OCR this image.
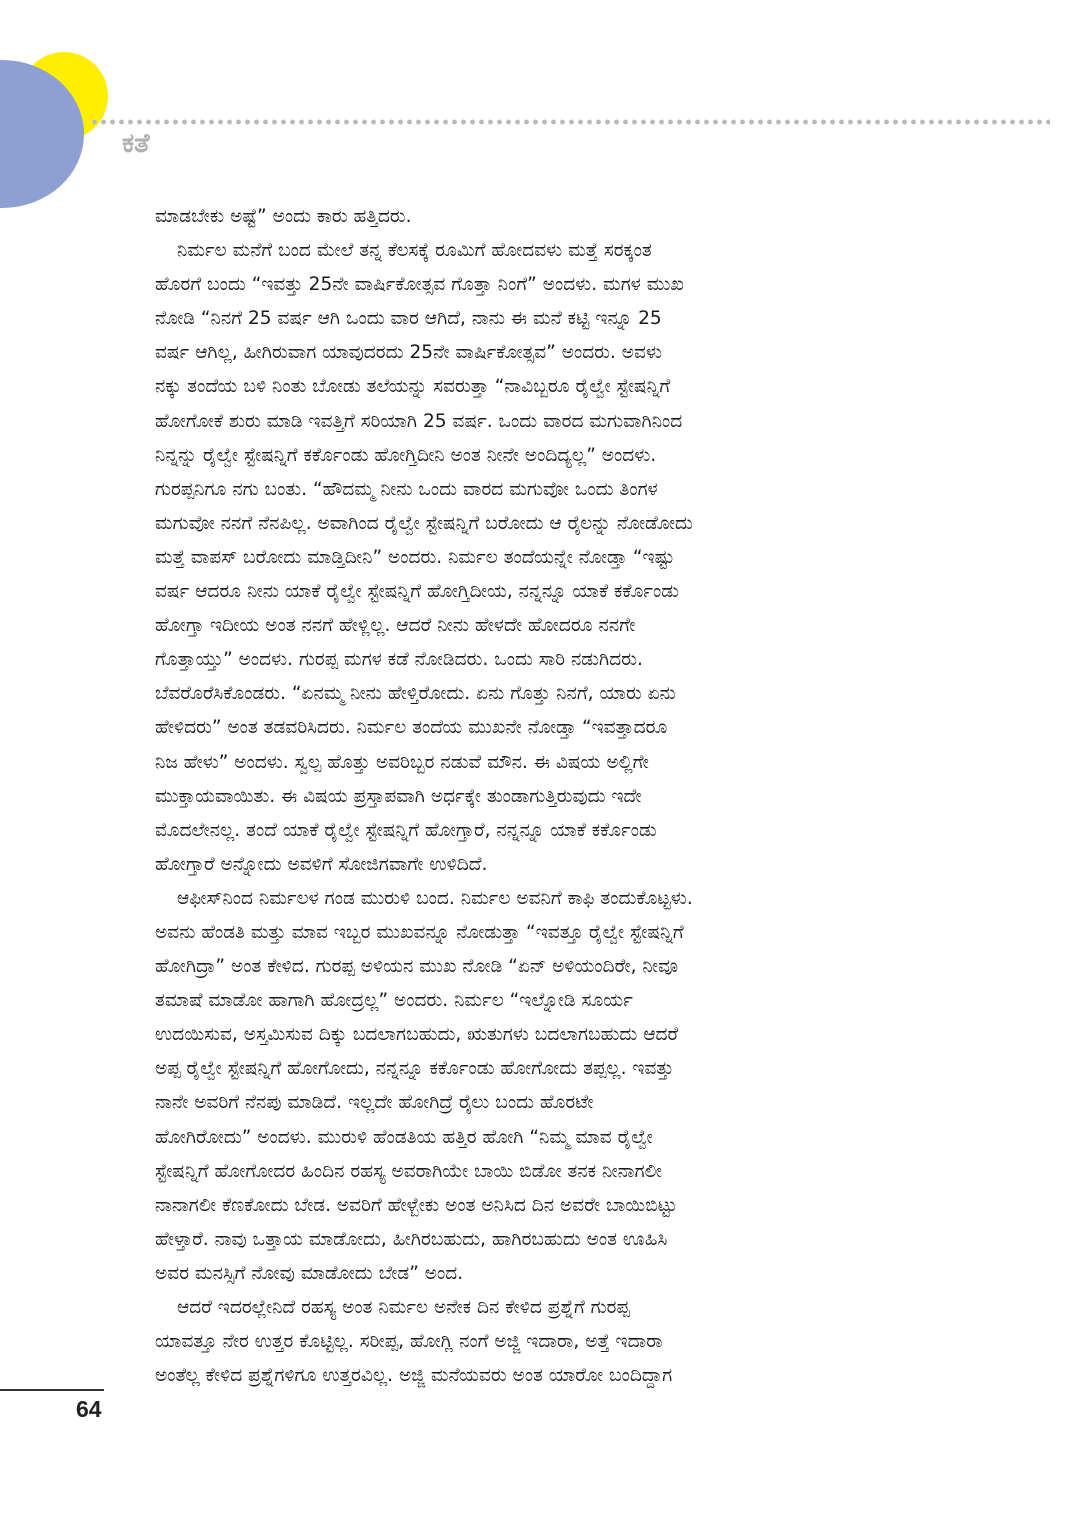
ಕತೆ
ಮಾಡಬೇಕು ಅಷ್ಟೆ” ಅಂದು ಕಾರು ಹತ್ತಿದರು.
ನಿರ್ಮಲ ಮನೆಗೆ ಬಂದ ಮೇಲೆ ತನ್ನ ಕೆಲಸಕ್ಕೆ ರೂಮಿಗೆ ಹೋದವಳು ಮತ್ತೆ ಸರಕ್ಕಂತ
ಹೊರಗೆ ಬಂದು “ಇವತ್ತು 25ನೇ ವಾರ್ಷಿಕೋತ್ಸವ ಗೊತ್ತಾ ನಿಂಗೆ” ಅಂದಳು. ಮಗಳ ಮುಖ
ನೋಡಿ “ನಿನಗೆ 25 ವರ್ಷ ಆಗಿ ಒಂದು ವಾರ ಆಗಿದೆ, ನಾನು ಈ ಮನೆ ಕಟ್ಟಿ ಇನ್ನೂ 25
ವರ್ಷ ಆಗಿಲ್ಲ, ಹೀಗಿರುವಾಗ ಯಾವುದರದು 25ನೇ ವಾರ್ಷಿಕೋತ್ಸವ” ಅಂದರು. ಅವಳು
ನಕ್ಕು ತಂದೆಯ ಬಳಿ ನಿಂತು ಬೋಡು ತಲೆಯನ್ನು ಸವರುತ್ತಾ “ನಾವಿಬ್ಬರೂ ರೈಲ್ವೇ ಸ್ಟೇಷನ್ನಿಗೆ
ಹೋಗೋಕೆ ಶುರು ಮಾಡಿ ಇವತ್ತಿಗೆ ಸರಿಯಾಗಿ 25 ವರ್ಷ. ಒಂದು ವಾರದ ಮಗುವಾಗಿನಿಂದ
ನಿನ್ನನ್ನು ರೈಲ್ವೇ ಸ್ಟೇಷನ್ನಿಗೆ ಕರ್ಕೊಂಡು ಹೋಗ್ತಿದೀನಿ ಅಂತ ನೀನೇ ಅಂದಿದ್ಯಲ್ಲ” ಅಂದಳು.
ಗುರಪ್ಪನಿಗೂ ನಗು ಬಂತು. “ಹೌದಮ್ಮ ನೀನು ಒಂದು ವಾರದ ಮಗುವೋ ಒಂದು ತಿಂಗಳ
ಮಗುವೋ ನನಗೆ ನೆನಪಿಲ್ಲ. ಅವಾಗಿಂದ ರೈಲ್ವೇ ಸ್ಟೇಷನ್ನಿಗೆ ಬರೋದು ಆ ರೈಲನ್ನು ನೋಡೋದು
ಮತ್ತೆ ವಾಪಸ್ ಬರೋದು ಮಾಡ್ತಿದೀನಿ” ಅಂದರು. ನಿರ್ಮಲ ತಂದೆಯನ್ನೇ ನೋಡ್ತಾ “ಇಷ್ಟು
ವರ್ಷ ಆದರೂ ನೀನು ಯಾಕೆ ರೈಲ್ವೇ ಸ್ಟೇಷನ್ನಿಗೆ ಹೋಗ್ತಿದೀಯ, ನನ್ನನ್ನೂ ಯಾಕೆ ಕರ್ಕೊಂಡು
ಹೋಗ್ತಾ ಇದೀಯ ಅಂತ ನನಗೆ ಹೇಳ್ಲಿಲ್ಲ. ಆದರೆ ನೀನು ಹೇಳದೇ ಹೋದರೂ ನನಗೇ
ಗೊತ್ತಾಯ್ತು” ಅಂದಳು. ಗುರಪ್ಪ ಮಗಳ ಕಡೆ ನೋಡಿದರು. ಒಂದು ಸಾರಿ ನಡುಗಿದರು.
ಬೆವರೊರೆಸಿಕೊಂಡರು. “ಏನಮ್ಮ ನೀನು ಹೇಳ್ತಿರೋದು. ಏನು ಗೊತ್ತು ನಿನಗೆ, ಯಾರು ಏನು
ಹೇಳಿದರು” ಅಂತ ತಡವರಿಸಿದರು. ನಿರ್ಮಲ ತಂದೆಯ ಮುಖನೇ ನೋಡ್ತಾ “ಇವತ್ತಾದರೂ
ನಿಜ ಹೇಳು” ಅಂದಳು. ಸ್ವಲ್ಪ ಹೊತ್ತು ಅವರಿಬ್ಬರ ನಡುವೆ ಮೌನ. ಈ ವಿಷಯ ಅಲ್ಲಿಗೇ
ಮುಕ್ತಾಯವಾಯಿತು. ಈ ವಿಷಯ ಪ್ರಸ್ತಾಪವಾಗಿ ಅರ್ಧಕ್ಕೇ ತುಂಡಾಗುತ್ತಿರುವುದು ಇದೇ
ಮೊದಲೇನಲ್ಲ. ತಂದೆ ಯಾಕೆ ರೈಲ್ವೇ ಸ್ಟೇಷನ್ನಿಗೆ ಹೋಗ್ತಾರೆ, ನನ್ನನ್ನೂ ಯಾಕೆ ಕರ್ಕೊಂಡು
ಹೋಗ್ತಾರೆ ಅನ್ನೋದು ಅವಳಿಗೆ ಸೋಜಿಗವಾಗೇ ಉಳಿದಿದೆ.
ಆಫೀಸ್‌ನಿಂದ ನಿರ್ಮಲಳ ಗಂಡ ಮುರುಳಿ ಬಂದ. ನಿರ್ಮಲ ಅವನಿಗೆ ಕಾಫಿ ತಂದುಕೊಟ್ಟಳು.
ಅವನು ಹೆಂಡತಿ ಮತ್ತು ಮಾವ ಇಬ್ಬರ ಮುಖವನ್ನೂ ನೋಡುತ್ತಾ “ಇವತ್ತೂ ರೈಲ್ವೇ ಸ್ಟೇಷನ್ನಿಗೆ
ಹೋಗಿದ್ರಾ” ಅಂತ ಕೇಳಿದ. ಗುರಪ್ಪ ಅಳಿಯನ ಮುಖ ನೋಡಿ “ಏನ್ ಅಳಿಯಂದಿರೇ, ನೀವೂ
ತಮಾಷೆ ಮಾಡೋ ಹಾಗಾಗಿ ಹೋದ್ರಲ್ಲ” ಅಂದರು. ನಿರ್ಮಲ “ಇಲ್ನೋಡಿ ಸೂರ್ಯ
ಉದಯಿಸುವ, ಅಸ್ತಮಿಸುವ ದಿಕ್ಕು ಬದಲಾಗಬಹುದು, ಋತುಗಳು ಬದಲಾಗಬಹುದು ಆದರೆ
ಅಪ್ಪ ರೈಲ್ವೇ ಸ್ಟೇಷನ್ನಿಗೆ ಹೋಗೋದು, ನನ್ನನ್ನೂ ಕರ್ಕೊಂಡು ಹೋಗೋದು ತಪ್ಪಲ್ಲ. ಇವತ್ತು
ನಾನೇ ಅವರಿಗೆ ನೆನಪು ಮಾಡಿದೆ. ಇಲ್ಲದೇ ಹೋಗಿದ್ರೆ ರೈಲು ಬಂದು ಹೊರಟೇ
ಹೋಗಿರೋದು” ಅಂದಳು. ಮುರುಳಿ ಹೆಂಡತಿಯ ಹತ್ತಿರ ಹೋಗಿ “ನಿಮ್ಮ ಮಾವ ರೈಲ್ವೇ
ಸ್ಟೇಷನ್ನಿಗೆ ಹೋಗೋದರ ಹಿಂದಿನ ರಹಸ್ಯ ಅವರಾಗಿಯೇ ಬಾಯಿ ಬಿಡೋ ತನಕ ನೀನಾಗಲೀ
ನಾನಾಗಲೀ ಕೆಣಕೋದು ಬೇಡ. ಅವರಿಗೆ ಹೇಳ್ಬೇಕು ಅಂತ ಅನಿಸಿದ ದಿನ ಅವರೇ ಬಾಯಿಬಿಟ್ಟು
ಹೇಳ್ತಾರೆ. ನಾವು ಒತ್ತಾಯ ಮಾಡೋದು, ಹೀಗಿರಬಹುದು, ಹಾಗಿರಬಹುದು ಅಂತ ಊಹಿಸಿ
ಅವರ ಮನಸ್ಸಿಗೆ ನೋವು ಮಾಡೋದು ಬೇಡ” ಅಂದ.
ಆದರೆ ಇದರಲ್ಲೇನಿದೆ ರಹಸ್ಯ ಅಂತ ನಿರ್ಮಲ ಅನೇಕ ದಿನ ಕೇಳಿದ ಪ್ರಶ್ನೆಗೆ ಗುರಪ್ಪ
ಯಾವತ್ತೂ ನೇರ ಉತ್ತರ ಕೊಟ್ಟಿಲ್ಲ. ಸರೀಪ್ಪ, ಹೋಗ್ಲಿ ನಂಗೆ ಅಜ್ಜಿ ಇದಾರಾ, ಅತ್ತೆ ಇದಾರಾ
ಅಂತೆಲ್ಲ ಕೇಳಿದ ಪ್ರಶ್ನೆಗಳಿಗೂ ಉತ್ತರವಿಲ್ಲ. ಅಜ್ಜಿ ಮನೆಯವರು ಅಂತ ಯಾರೋ ಬಂದಿದ್ದಾಗ
64
